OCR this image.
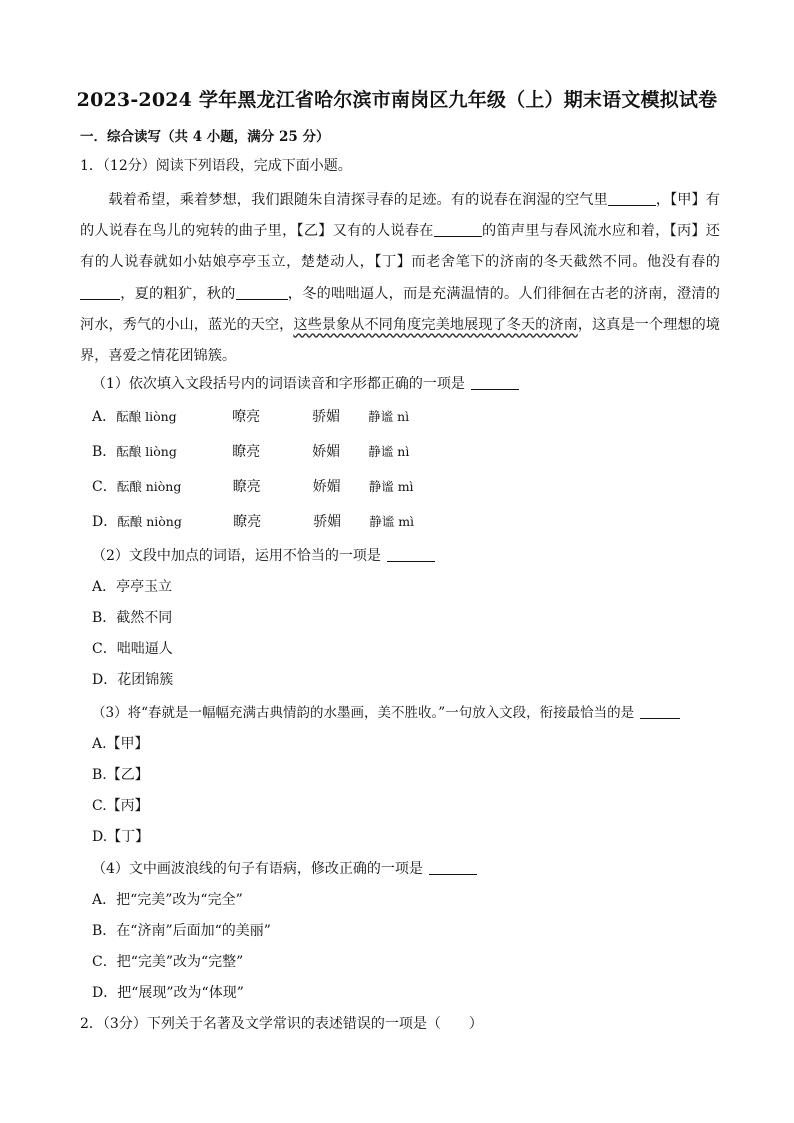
2023-2024 学年黑龙江省哈尔滨市南岗区九年级（上）期末语文模拟试卷
一．综合读写（共 4 小题，满分 25 分）
1．（12分）阅读下列语段，完成下面小题。
载着希望，乘着梦想，我们跟随朱自清探寻春的足迹。有的说春在润湿的空气里	，【甲】有的人说春在鸟儿的宛转的曲子里，【乙】又有的人说春在	的笛声里与春风流水应和着，【丙】还有的人说春就如小姑娘亭亭玉立，楚楚动人，【丁】而老舍笔下的济南的冬天截然不同。他没有春的，夏的粗犷，秋的	，冬的咄咄逼人，而是充满温情的。人们徘徊在古老的济南，澄清的河水，秀气的小山，蓝光的天空，这些景象从不同角度完美地展现了冬天的济南，这真是一个理想的境界，喜爱之情花团锦簇。
（1）依次填入文段括号内的词语读音和字形都正确的一项是
A．酝酿 liòng	嘹亮	骄媚 静谧 nì
B．酝酿 liòng	瞭亮	娇媚 静谧 nì
C．酝酿 niòng	瞭亮	娇媚 静谧 mì
D．酝酿 niòng	瞭亮	骄媚 静谧 mì
（2）文段中加点的词语，运用不恰当的一项是
A．亭亭玉立
B．截然不同
C．咄咄逼人
D．花团锦簇
（3）将“春就是一幅幅充满古典情韵的水墨画，美不胜收。”一句放入文段，衔接最恰当的是
A.【甲】
B.【乙】
C.【丙】
D.【丁】
（4）文中画波浪线的句子有语病，修改正确的一项是
A．把“完美”改为“完全”
B．在“济南”后面加“的美丽”
C．把“完美”改为“完整”
D．把“展现”改为“体现”
2．（3分）下列关于名著及文学常识的表述错误的一项是（　　）
